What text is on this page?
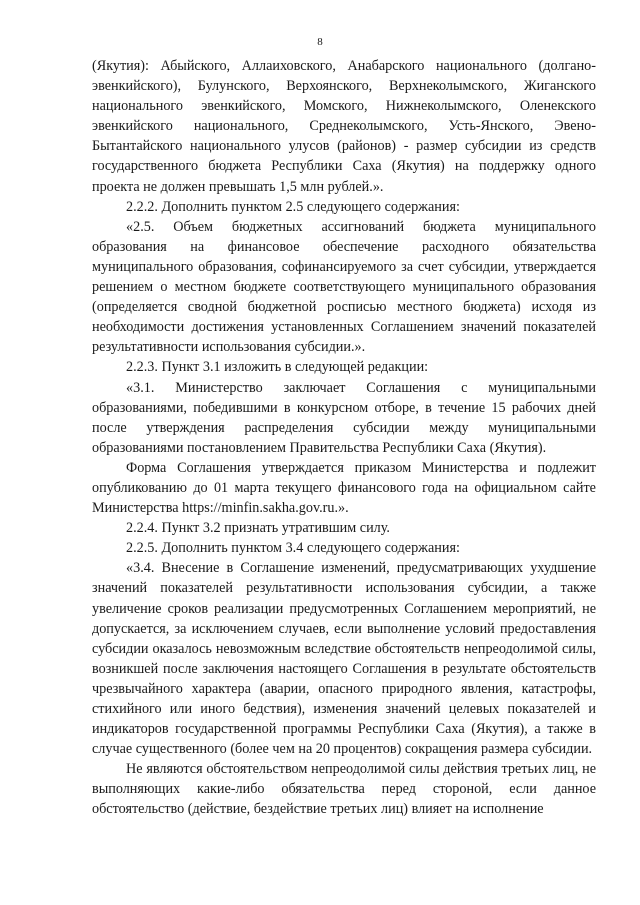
8

(Якутия): Абыйского, Аллаиховского, Анабарского национального (долгано-эвенкийского), Булунского, Верхоянского, Верхнеколымского, Жиганского национального эвенкийского, Момского, Нижнеколымского, Оленекского эвенкийского национального, Среднеколымского, Усть-Янского, Эвено-Бытантайского национального улусов (районов) - размер субсидии из средств государственного бюджета Республики Саха (Якутия) на поддержку одного проекта не должен превышать 1,5 млн рублей.».

2.2.2. Дополнить пунктом 2.5 следующего содержания:

«2.5. Объем бюджетных ассигнований бюджета муниципального образования на финансовое обеспечение расходного обязательства муниципального образования, софинансируемого за счет субсидии, утверждается решением о местном бюджете соответствующего муниципального образования (определяется сводной бюджетной росписью местного бюджета) исходя из необходимости достижения установленных Соглашением значений показателей результативности использования субсидии.».

2.2.3. Пункт 3.1 изложить в следующей редакции:

«3.1. Министерство заключает Соглашения с муниципальными образованиями, победившими в конкурсном отборе, в течение 15 рабочих дней после утверждения распределения субсидии между муниципальными образованиями постановлением Правительства Республики Саха (Якутия).

Форма Соглашения утверждается приказом Министерства и подлежит опубликованию до 01 марта текущего финансового года на официальном сайте Министерства https://minfin.sakha.gov.ru.».

2.2.4. Пункт 3.2 признать утратившим силу.

2.2.5. Дополнить пунктом 3.4 следующего содержания:

«3.4. Внесение в Соглашение изменений, предусматривающих ухудшение значений показателей результативности использования субсидии, а также увеличение сроков реализации предусмотренных Соглашением мероприятий, не допускается, за исключением случаев, если выполнение условий предоставления субсидии оказалось невозможным вследствие обстоятельств непреодолимой силы, возникшей после заключения настоящего Соглашения в результате обстоятельств чрезвычайного характера (аварии, опасного природного явления, катастрофы, стихийного или иного бедствия), изменения значений целевых показателей и индикаторов государственной программы Республики Саха (Якутия), а также в случае существенного (более чем на 20 процентов) сокращения размера субсидии.

Не являются обстоятельством непреодолимой силы действия третьих лиц, не выполняющих какие-либо обязательства перед стороной, если данное обстоятельство (действие, бездействие третьих лиц) влияет на исполнение
